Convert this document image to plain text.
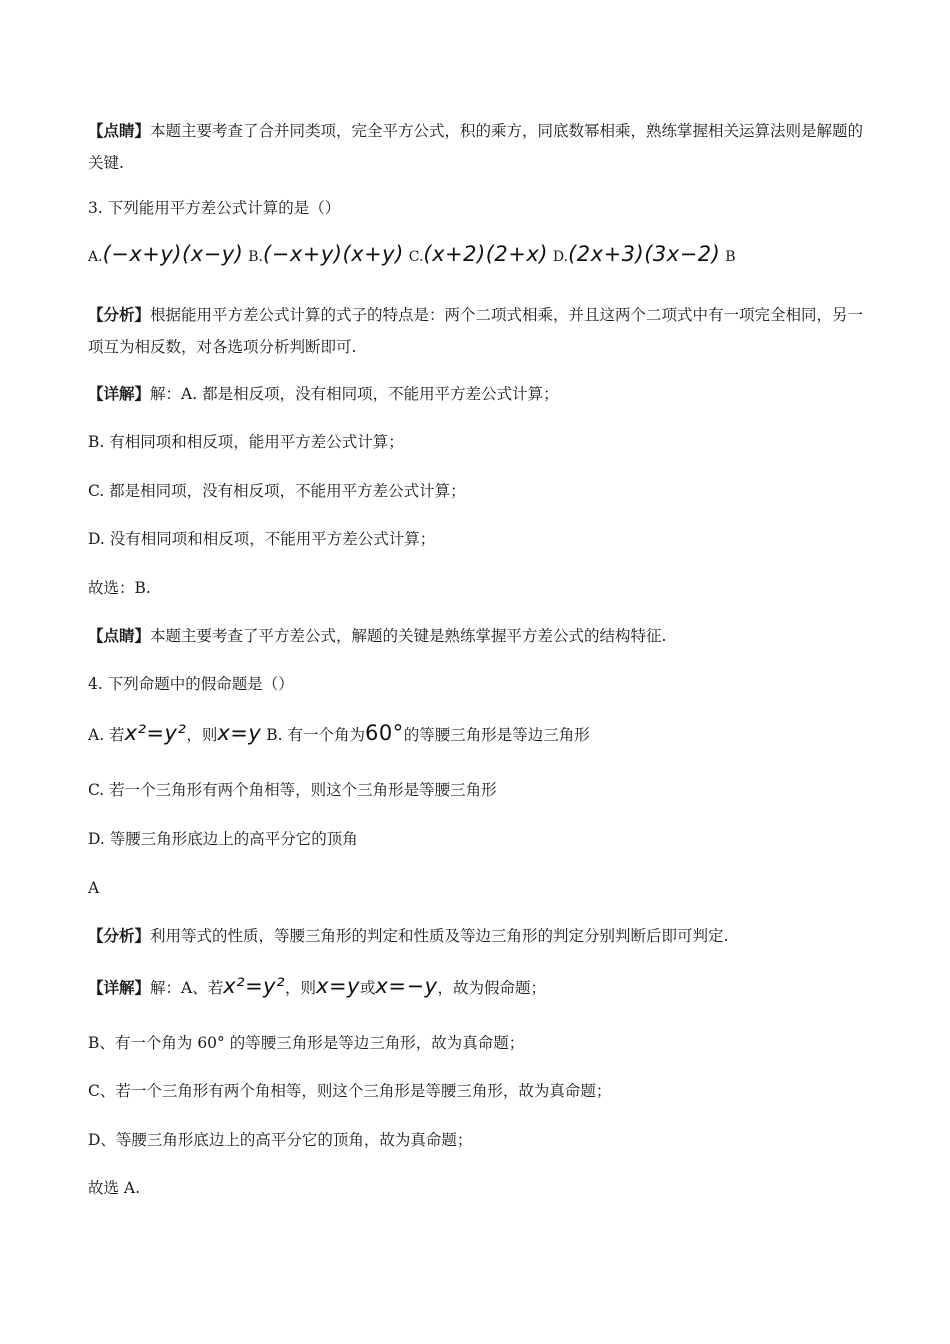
【点睛】本题主要考查了合并同类项，完全平方公式，积的乘方，同底数幂相乘，熟练掌握相关运算法则是解题的关键.
3. 下列能用平方差公式计算的是（）
A.(−x+y)(x−y) B.(−x+y)(x+y) C.(x+2)(2+x) D.(2x+3)(3x−2) B
【分析】根据能用平方差公式计算的式子的特点是：两个二项式相乘，并且这两个二项式中有一项完全相同，另一项互为相反数，对各选项分析判断即可.
【详解】解：A. 都是相反项，没有相同项，不能用平方差公式计算；
B. 有相同项和相反项，能用平方差公式计算；
C. 都是相同项，没有相反项，不能用平方差公式计算；
D. 没有相同项和相反项，不能用平方差公式计算；
故选：B.
【点睛】本题主要考查了平方差公式，解题的关键是熟练掌握平方差公式的结构特征.
4. 下列命题中的假命题是（）
A. 若x²=y²，则x=y B. 有一个角为60°的等腰三角形是等边三角形
C. 若一个三角形有两个角相等，则这个三角形是等腰三角形
D. 等腰三角形底边上的高平分它的顶角
A
【分析】利用等式的性质，等腰三角形的判定和性质及等边三角形的判定分别判断后即可判定.
【详解】解：A、若x²=y²，则x=y或x=−y，故为假命题；
B、有一个角为 60° 的等腰三角形是等边三角形，故为真命题；
C、若一个三角形有两个角相等，则这个三角形是等腰三角形，故为真命题；
D、等腰三角形底边上的高平分它的顶角，故为真命题；
故选 A.
